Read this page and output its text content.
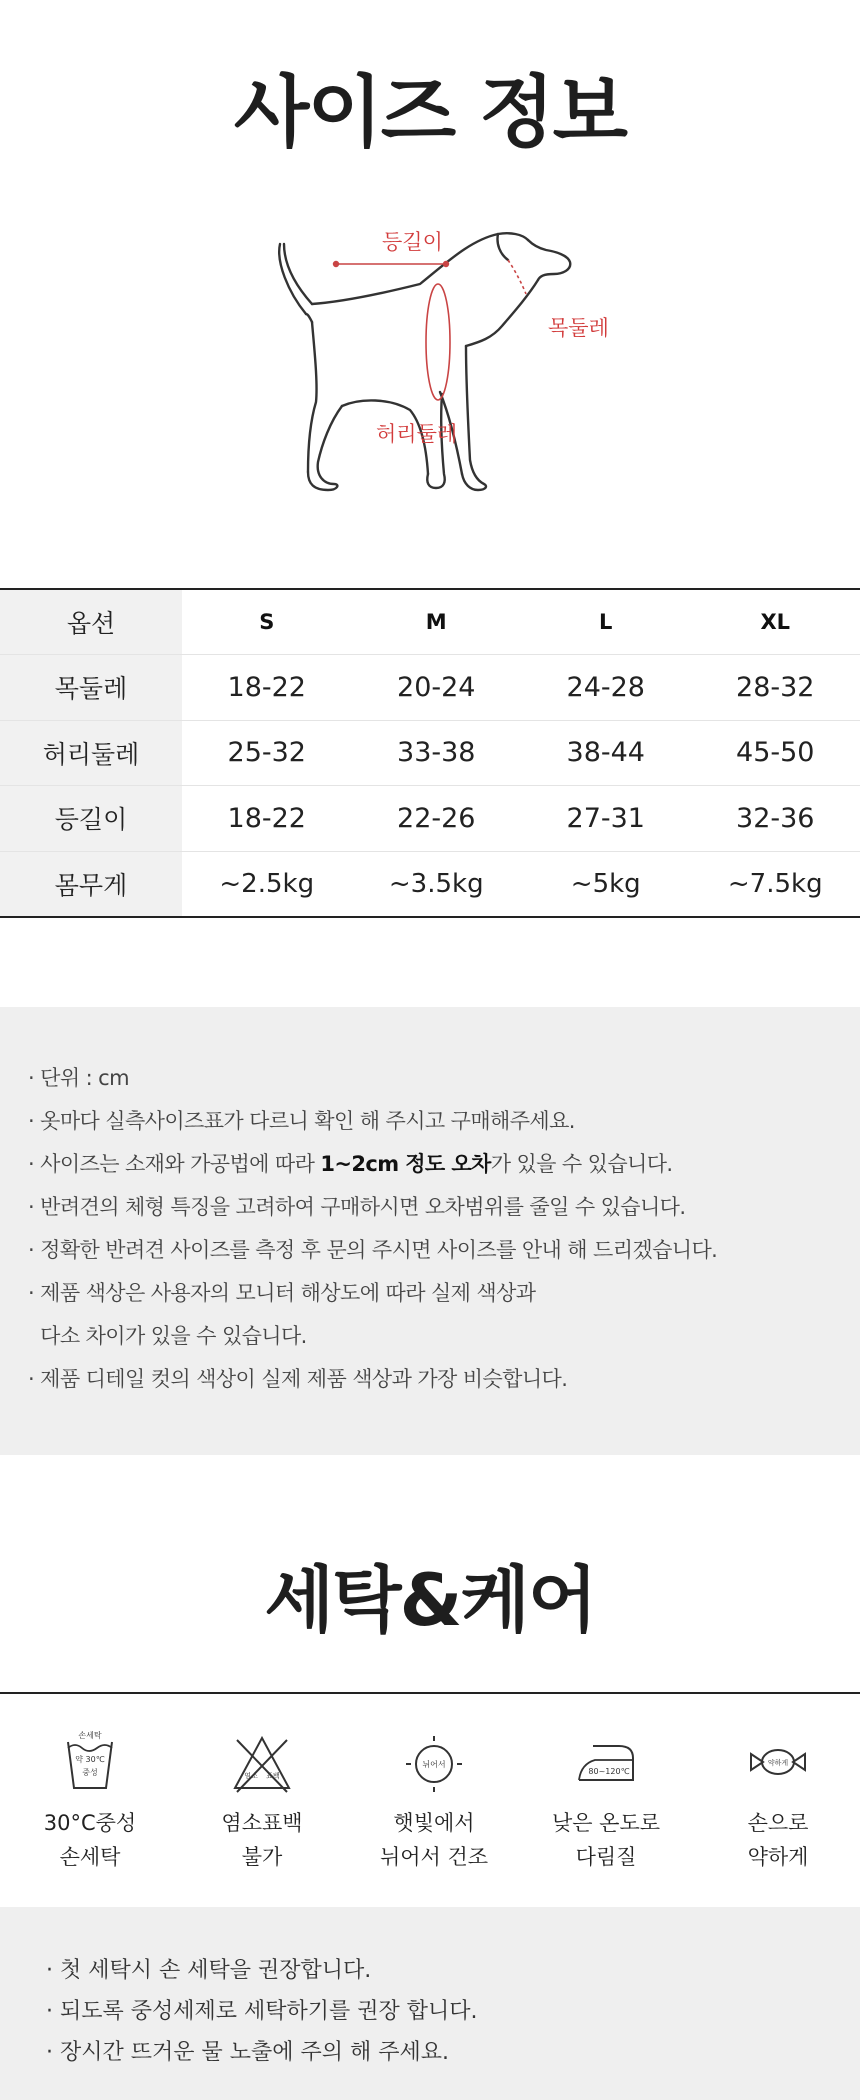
사이즈 정보
등길이
목둘레
허리둘레
옵션	S	M	L	XL
목둘레	18-22	20-24	24-28	28-32
허리둘레	25-32	33-38	38-44	45-50
등길이	18-22	22-26	27-31	32-36
몸무게	~2.5kg	~3.5kg	~5kg	~7.5kg
· 단위 : cm
· 옷마다 실측사이즈표가 다르니 확인 해 주시고 구매해주세요.
· 사이즈는 소재와 가공법에 따라 1~2cm 정도 오차가 있을 수 있습니다.
· 반려견의 체형 특징을 고려하여 구매하시면 오차범위를 줄일 수 있습니다.
· 정확한 반려견 사이즈를 측정 후 문의 주시면 사이즈를 안내 해 드리겠습니다.
· 제품 색상은 사용자의 모니터 해상도에 따라 실제 색상과
다소 차이가 있을 수 있습니다.
· 제품 디테일 컷의 색상이 실제 제품 색상과 가장 비슷합니다.
세탁&케어
손세탁
약 30℃
중성
30°C중성
손세탁
염소 표백
염소표백
불가
뉘어서
햇빛에서
뉘어서 건조
80~120℃
낮은 온도로
다림질
약하게
손으로
약하게
· 첫 세탁시 손 세탁을 권장합니다.
· 되도록 중성세제로 세탁하기를 권장 합니다.
· 장시간 뜨거운 물 노출에 주의 해 주세요.
